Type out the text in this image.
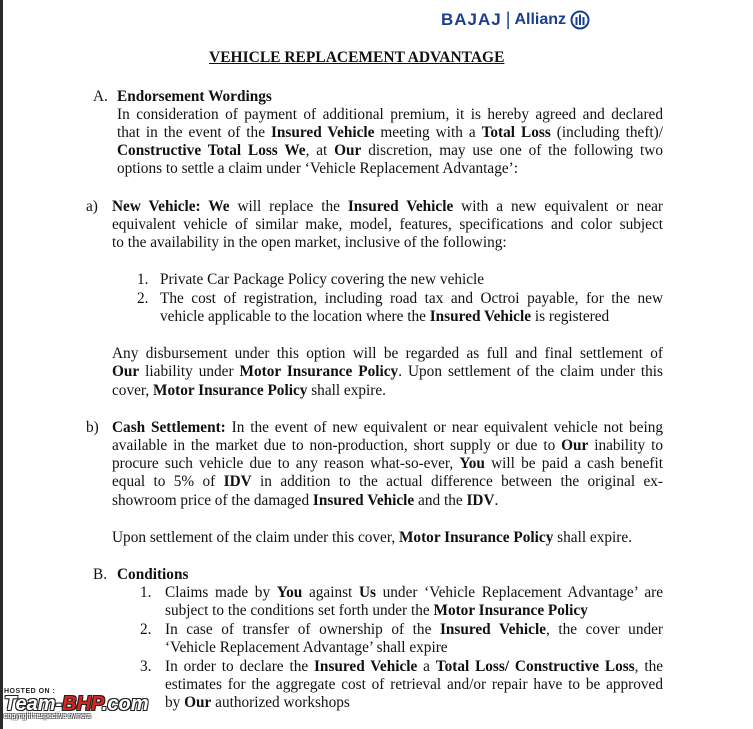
BAJAJ | Allianz
VEHICLE REPLACEMENT ADVANTAGE
A. Endorsement Wordings
In consideration of payment of additional premium, it is hereby agreed and declared
that in the event of the Insured Vehicle meeting with a Total Loss (including theft)/
Constructive Total Loss We, at Our discretion, may use one of the following two
options to settle a claim under ‘Vehicle Replacement Advantage’:
a) New Vehicle: We will replace the Insured Vehicle with a new equivalent or near
equivalent vehicle of similar make, model, features, specifications and color subject
to the availability in the open market, inclusive of the following:
1. Private Car Package Policy covering the new vehicle
2. The cost of registration, including road tax and Octroi payable, for the new
vehicle applicable to the location where the Insured Vehicle is registered
Any disbursement under this option will be regarded as full and final settlement of
Our liability under Motor Insurance Policy. Upon settlement of the claim under this
cover, Motor Insurance Policy shall expire.
b) Cash Settlement: In the event of new equivalent or near equivalent vehicle not being
available in the market due to non-production, short supply or due to Our inability to
procure such vehicle due to any reason what-so-ever, You will be paid a cash benefit
equal to 5% of IDV in addition to the actual difference between the original ex-
showroom price of the damaged Insured Vehicle and the IDV.
Upon settlement of the claim under this cover, Motor Insurance Policy shall expire.
B. Conditions
1. Claims made by You against Us under ‘Vehicle Replacement Advantage’ are
subject to the conditions set forth under the Motor Insurance Policy
2. In case of transfer of ownership of the Insured Vehicle, the cover under
‘Vehicle Replacement Advantage’ shall expire
3. In order to declare the Insured Vehicle a Total Loss/ Constructive Loss, the
estimates for the aggregate cost of retrieval and/or repair have to be approved
by Our authorized workshops
HOSTED ON :
Team-BHP.com
copyright respective owners
